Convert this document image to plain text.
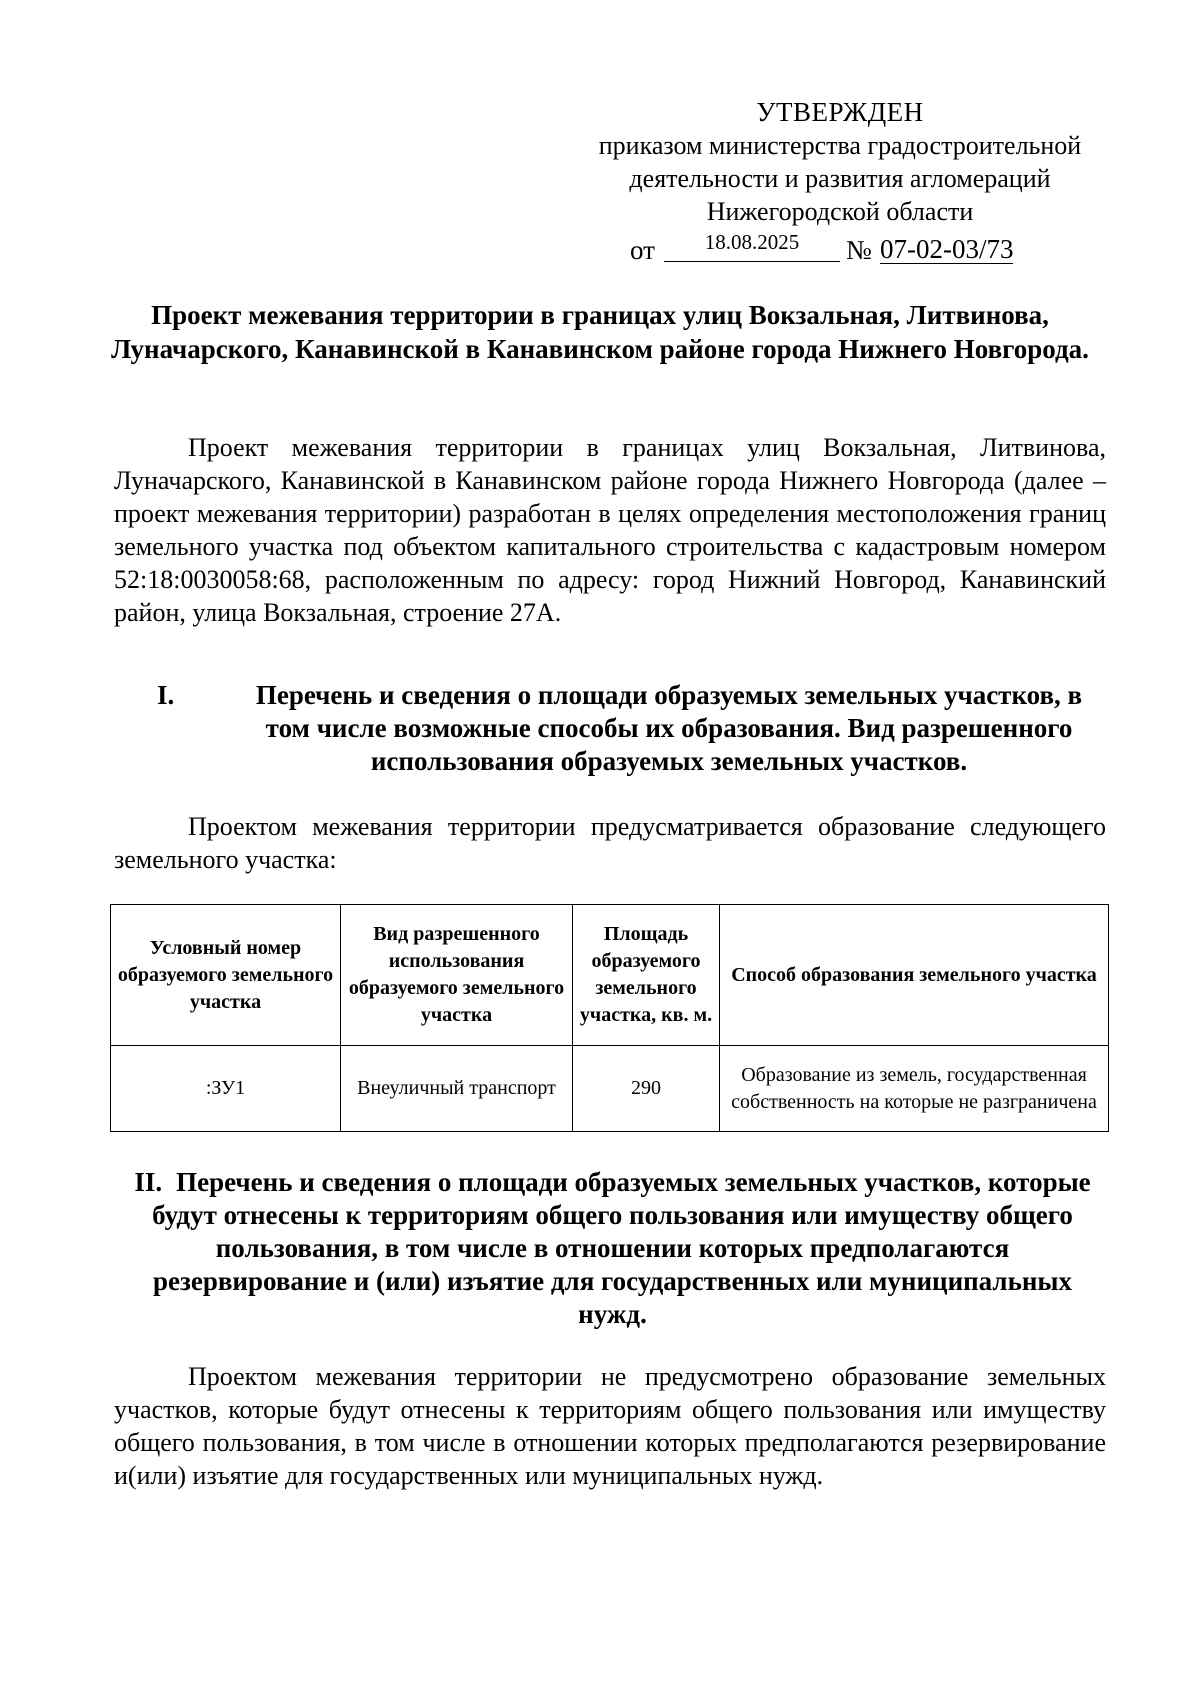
УТВЕРЖДЕН
приказом министерства градостроительной
деятельности и развития агломераций
Нижегородской области
от	18.08.2025	№ 07-02-03/73
Проект межевания территории в границах улиц Вокзальная, Литвинова, Луначарского, Канавинской в Канавинском районе города Нижнего Новгорода.

Проект межевания территории в границах улиц Вокзальная, Литвинова, Луначарского, Канавинской в Канавинском районе города Нижнего Новгорода (далее – проект межевания территории) разработан в целях определения местоположения границ земельного участка под объектом капитального строительства с кадастровым номером 52:18:0030058:68, расположенным по адресу: город Нижний Новгород, Канавинский район, улица Вокзальная, строение 27А.

I.	Перечень и сведения о площади образуемых земельных участков, в том числе возможные способы их образования. Вид разрешенного использования образуемых земельных участков.

Проектом межевания территории предусматривается образование следующего земельного участка:

Условный номер образуемого земельного участка	Вид разрешенного использования образуемого земельного участка	Площадь образуемого земельного участка, кв. м.	Способ образования земельного участка
:ЗУ1	Внеуличный транспорт	290	Образование из земель, государственная собственность на которые не разграничена
II. Перечень и сведения о площади образуемых земельных участков, которые будут отнесены к территориям общего пользования или имуществу общего пользования, в том числе в отношении которых предполагаются резервирование и (или) изъятие для государственных или муниципальных нужд.

Проектом межевания территории не предусмотрено образование земельных участков, которые будут отнесены к территориям общего пользования или имуществу общего пользования, в том числе в отношении которых предполагаются резервирование и(или) изъятие для государственных или муниципальных нужд.
